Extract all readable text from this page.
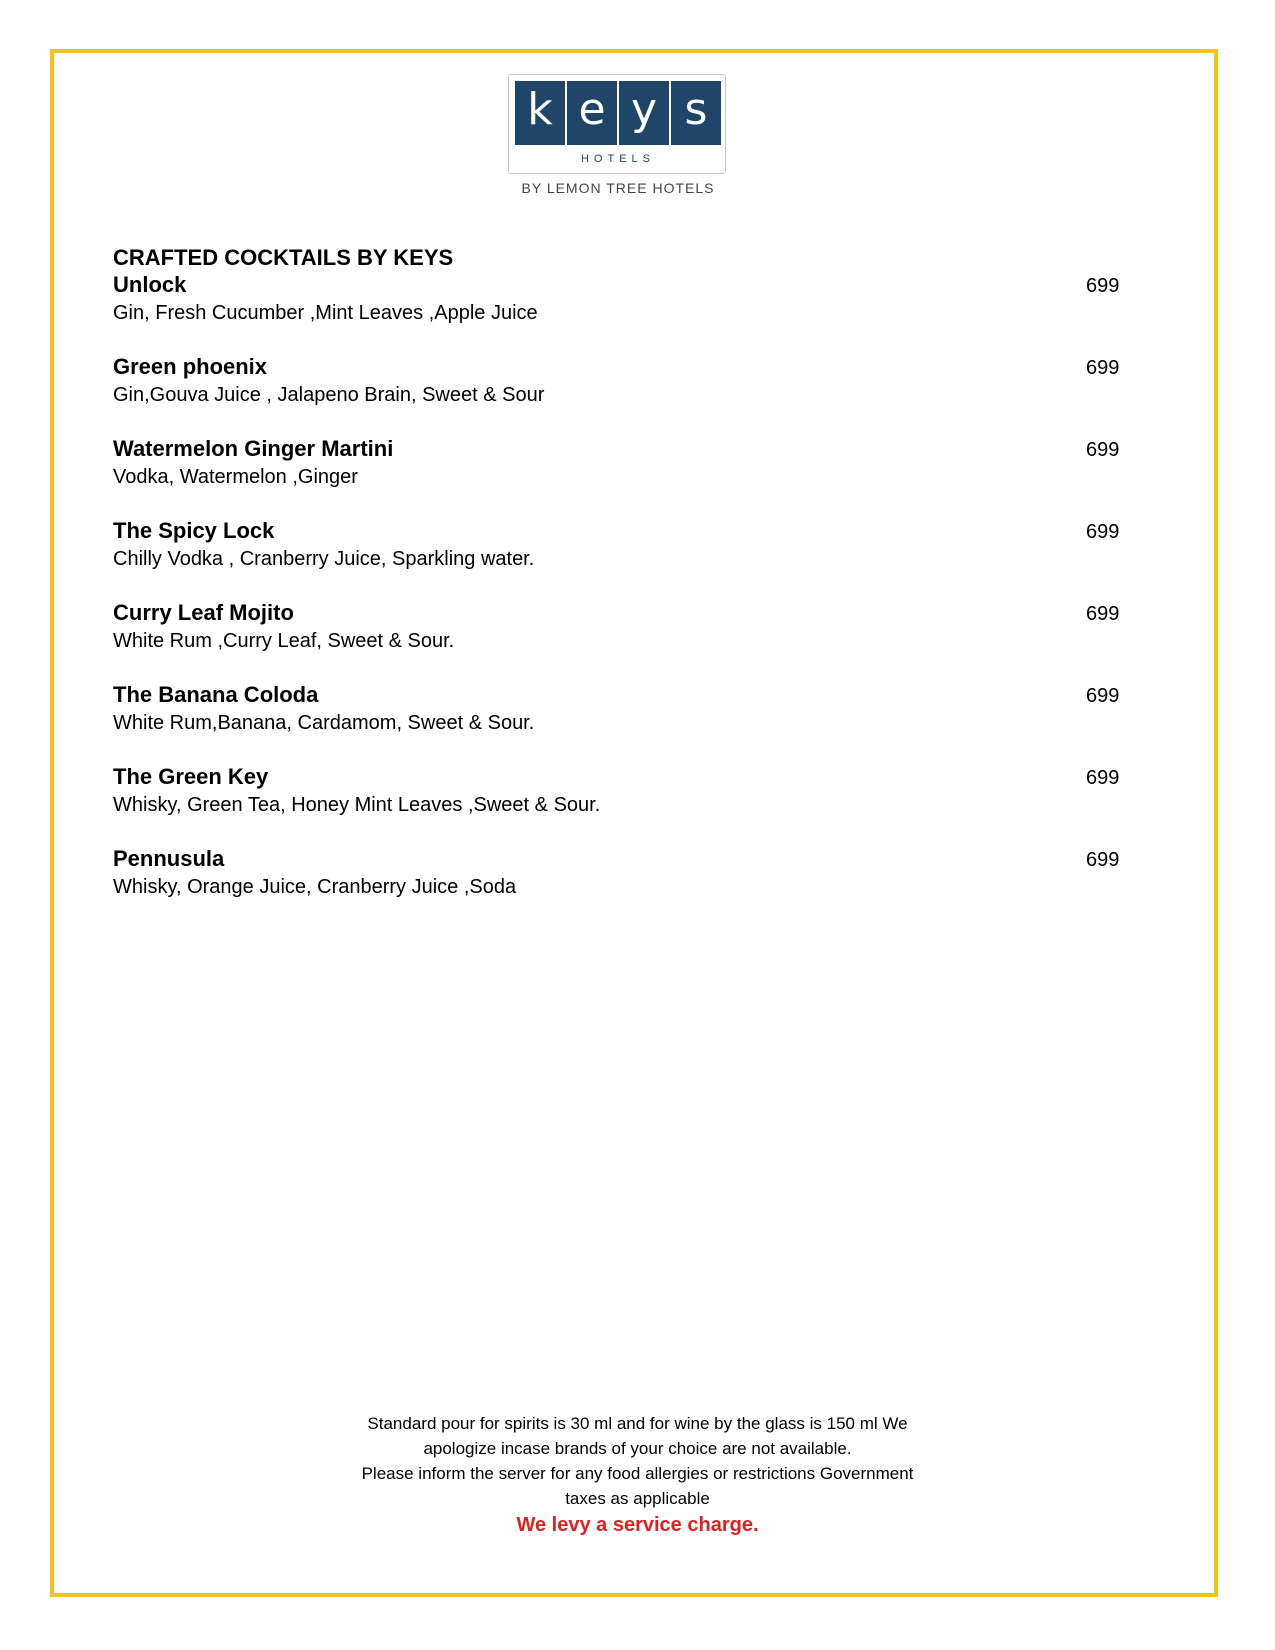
k e y s
HOTELS
BY LEMON TREE HOTELS
CRAFTED COCKTAILS BY KEYS
Unlock	699
Gin, Fresh Cucumber ,Mint Leaves ,Apple Juice
Green phoenix	699
Gin,Gouva Juice , Jalapeno Brain, Sweet & Sour
Watermelon Ginger Martini	699
Vodka, Watermelon ,Ginger
The Spicy Lock	699
Chilly Vodka , Cranberry Juice, Sparkling water.
Curry Leaf Mojito	699
White Rum ,Curry Leaf, Sweet & Sour.
The Banana Coloda	699
White Rum,Banana, Cardamom, Sweet & Sour.
The Green Key	699
Whisky, Green Tea, Honey Mint Leaves ,Sweet & Sour.
Pennusula	699
Whisky, Orange Juice, Cranberry Juice ,Soda
Standard pour for spirits is 30 ml and for wine by the glass is 150 ml We
apologize incase brands of your choice are not available.
Please inform the server for any food allergies or restrictions Government
taxes as applicable
We levy a service charge.
